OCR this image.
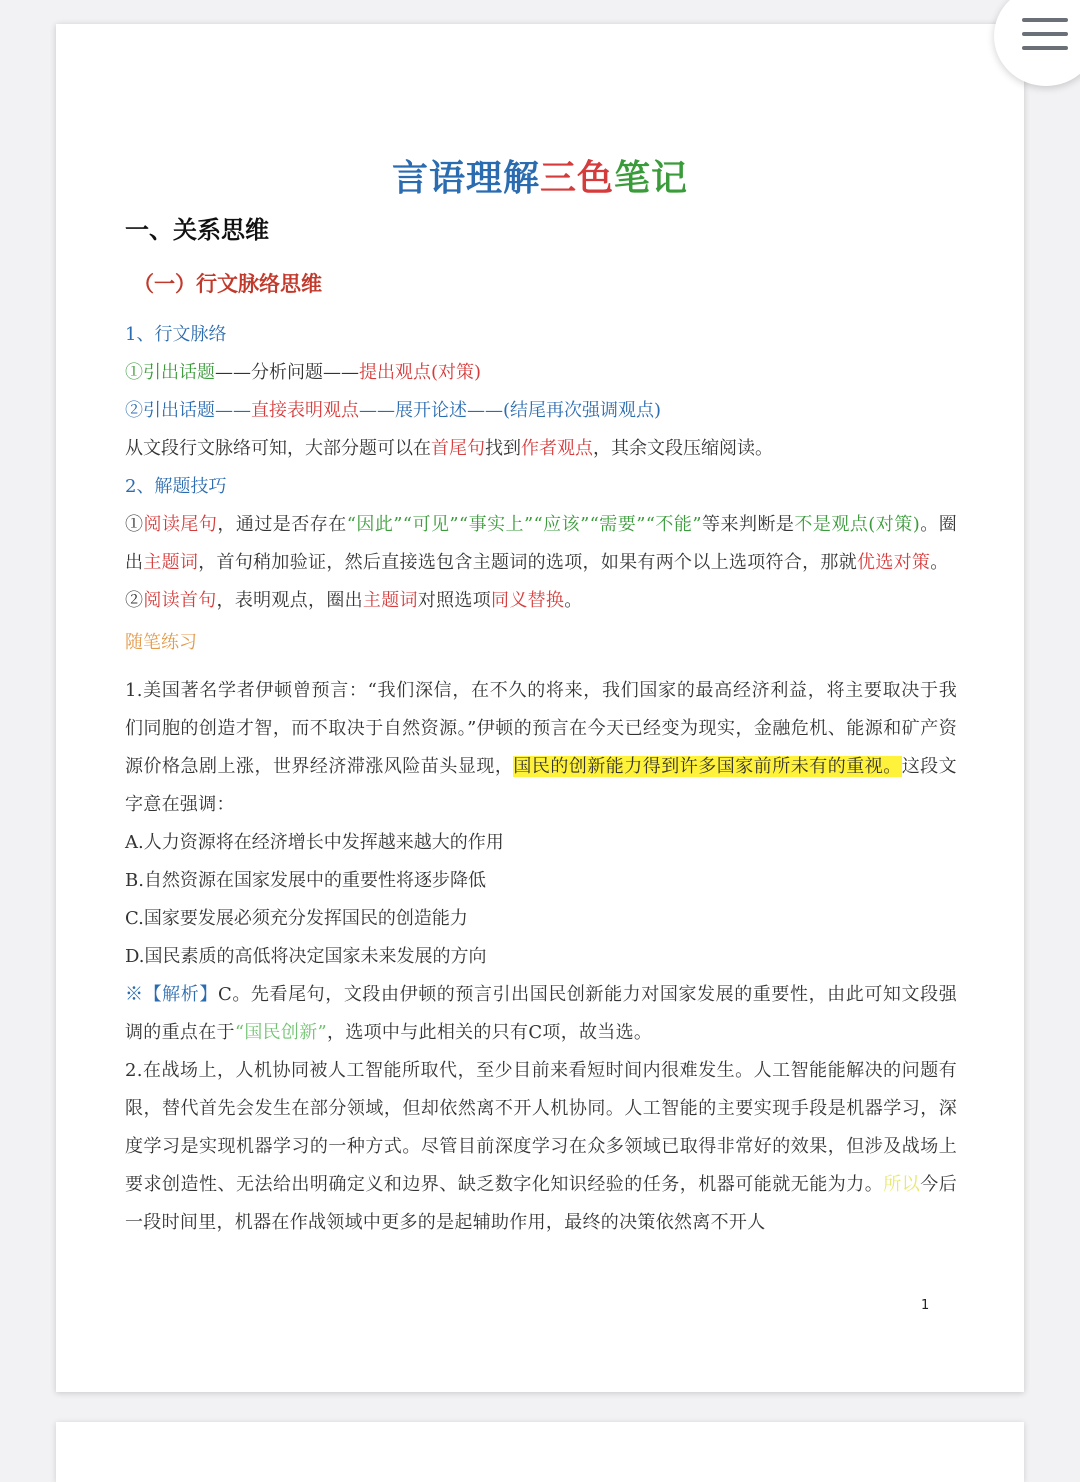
言语理解三色笔记
一、关系思维
（一）行文脉络思维
1、行文脉络
①引出话题——分析问题——提出观点(对策)
②引出话题——直接表明观点——展开论述——(结尾再次强调观点)
从文段行文脉络可知，大部分题可以在首尾句找到作者观点，其余文段压缩阅读。
2、解题技巧
①阅读尾句，通过是否存在“因此”“可见”“事实上”“应该”“需要”“不能”等来判断是不是观点(对策)。圈出主题词，首句稍加验证，然后直接选包含主题词的选项，如果有两个以上选项符合，那就优选对策。
②阅读首句，表明观点，圈出主题词对照选项同义替换。
随笔练习
1.美国著名学者伊顿曾预言：“我们深信，在不久的将来，我们国家的最高经济利益，将主要取决于我们同胞的创造才智，而不取决于自然资源。”伊顿的预言在今天已经变为现实，金融危机、能源和矿产资源价格急剧上涨，世界经济滞涨风险苗头显现，国民的创新能力得到许多国家前所未有的重视。这段文字意在强调：
A.人力资源将在经济增长中发挥越来越大的作用
B.自然资源在国家发展中的重要性将逐步降低
C.国家要发展必须充分发挥国民的创造能力
D.国民素质的高低将决定国家未来发展的方向
※【解析】C。先看尾句，文段由伊顿的预言引出国民创新能力对国家发展的重要性，由此可知文段强调的重点在于“国民创新”，选项中与此相关的只有C项，故当选。
2.在战场上，人机协同被人工智能所取代，至少目前来看短时间内很难发生。人工智能能解决的问题有限，替代首先会发生在部分领域，但却依然离不开人机协同。人工智能的主要实现手段是机器学习，深度学习是实现机器学习的一种方式。尽管目前深度学习在众多领域已取得非常好的效果，但涉及战场上要求创造性、无法给出明确定义和边界、缺乏数字化知识经验的任务，机器可能就无能为力。所以今后一段时间里，机器在作战领域中更多的是起辅助作用，最终的决策依然离不开人
1
